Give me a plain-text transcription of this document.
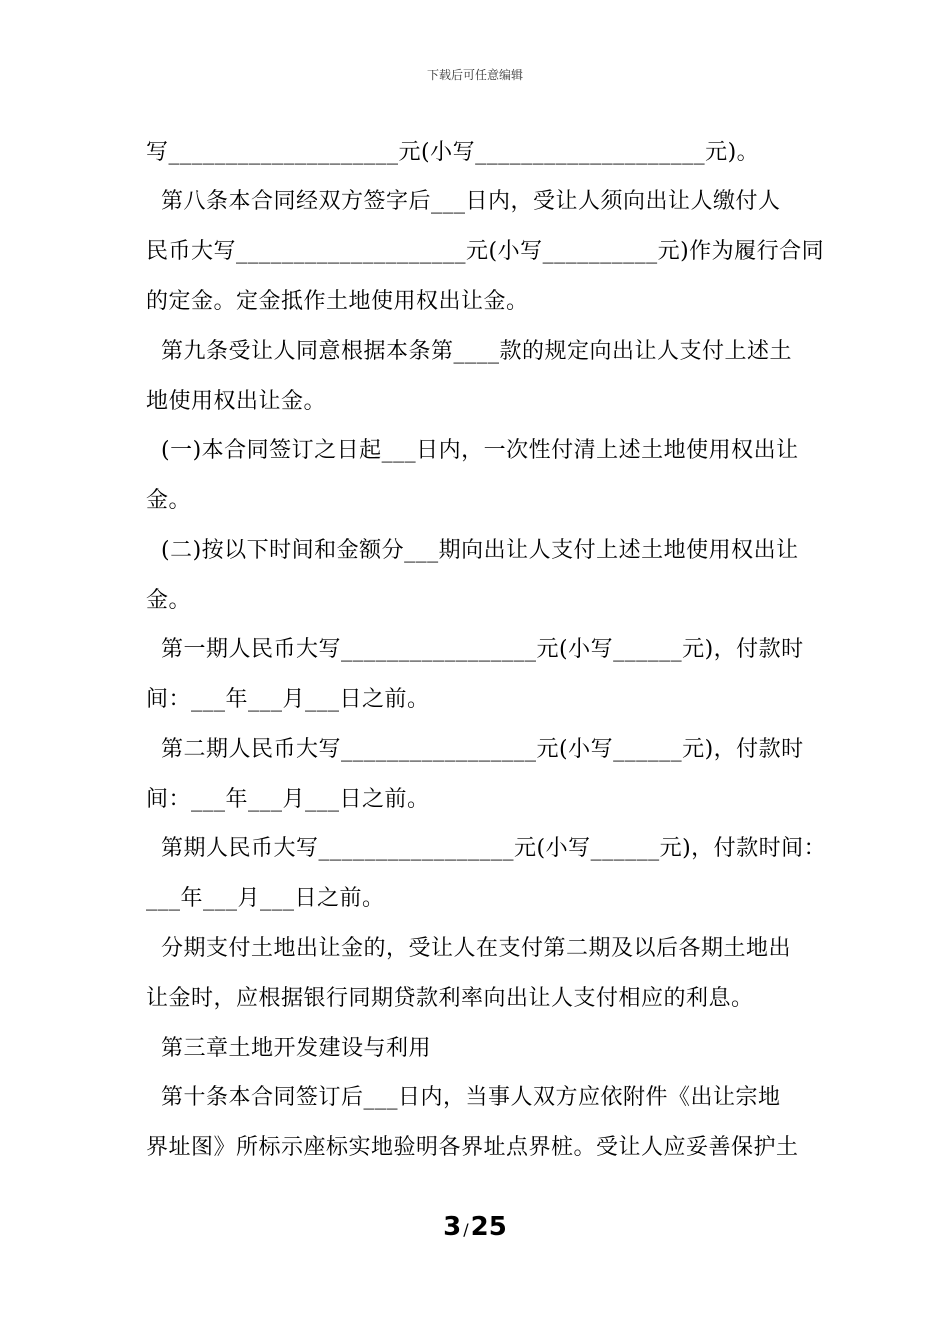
下载后可任意编辑
写____________________元(小写____________________元)。
第八条本合同经双方签字后___日内，受让人须向出让人缴付人
民币大写____________________元(小写__________元)作为履行合同
的定金。定金抵作土地使用权出让金。
第九条受让人同意根据本条第____款的规定向出让人支付上述土
地使用权出让金。
(一)本合同签订之日起___日内，一次性付清上述土地使用权出让
金。
(二)按以下时间和金额分___期向出让人支付上述土地使用权出让
金。
第一期人民币大写_________________元(小写______元)，付款时
间：___年___月___日之前。
第二期人民币大写_________________元(小写______元)，付款时
间：___年___月___日之前。
第期人民币大写_________________元(小写______元)，付款时间：
___年___月___日之前。
分期支付土地出让金的，受让人在支付第二期及以后各期土地出
让金时，应根据银行同期贷款利率向出让人支付相应的利息。
第三章土地开发建设与利用
第十条本合同签订后___日内，当事人双方应依附件《出让宗地
界址图》所标示座标实地验明各界址点界桩。受让人应妥善保护土
3 /25
